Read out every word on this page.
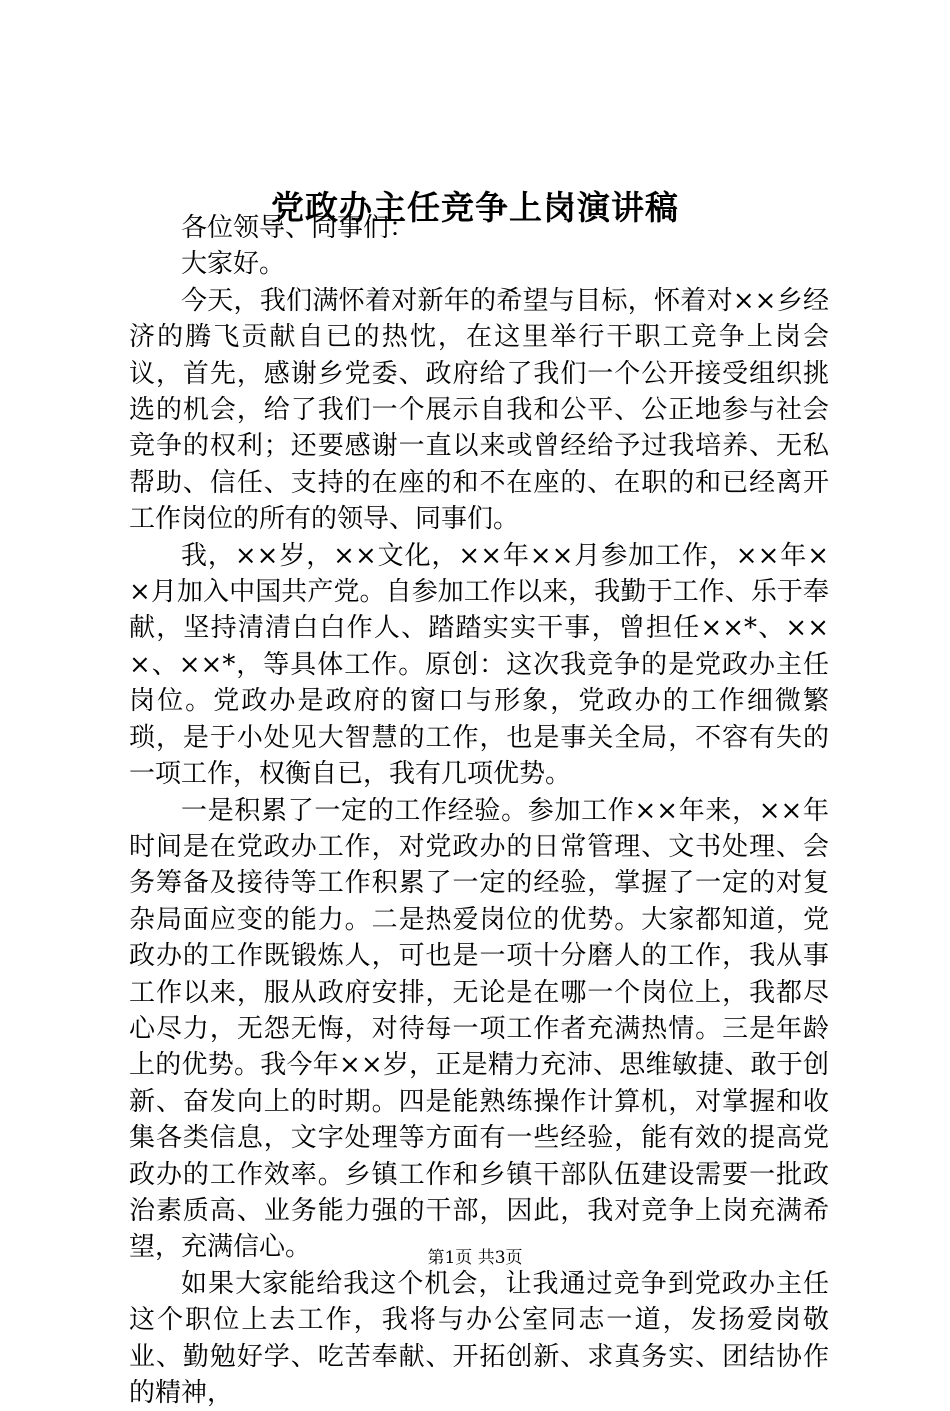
党政办主任竞争上岗演讲稿

各位领导、同事们：

大家好。

今天，我们满怀着对新年的希望与目标，怀着对××乡经济的腾飞贡献自已的热忱，在这里举行干职工竞争上岗会议，首先，感谢乡党委、政府给了我们一个公开接受组织挑选的机会，给了我们一个展示自我和公平、公正地参与社会竞争的权利；还要感谢一直以来或曾经给予过我培养、无私帮助、信任、支持的在座的和不在座的、在职的和已经离开工作岗位的所有的领导、同事们。

我，××岁，××文化，××年××月参加工作，××年××月加入中国共产党。自参加工作以来，我勤于工作、乐于奉献，坚持清清白白作人、踏踏实实干事，曾担任××*、×××、××*，等具体工作。原创：这次我竞争的是党政办主任岗位。党政办是政府的窗口与形象，党政办的工作细微繁琐，是于小处见大智慧的工作，也是事关全局，不容有失的一项工作，权衡自已，我有几项优势。

一是积累了一定的工作经验。参加工作××年来，××年时间是在党政办工作，对党政办的日常管理、文书处理、会务筹备及接待等工作积累了一定的经验，掌握了一定的对复杂局面应变的能力。二是热爱岗位的优势。大家都知道，党政办的工作既锻炼人，可也是一项十分磨人的工作，我从事工作以来，服从政府安排，无论是在哪一个岗位上，我都尽心尽力，无怨无悔，对待每一项工作者充满热情。三是年龄上的优势。我今年××岁，正是精力充沛、思维敏捷、敢于创新、奋发向上的时期。四是能熟练操作计算机，对掌握和收集各类信息，文字处理等方面有一些经验，能有效的提高党政办的工作效率。乡镇工作和乡镇干部队伍建设需要一批政治素质高、业务能力强的干部，因此，我对竞争上岗充满希望，充满信心。

如果大家能给我这个机会，让我通过竞争到党政办主任这个职位上去工作，我将与办公室同志一道，发扬爱岗敬业、勤勉好学、吃苦奉献、开拓创新、求真务实、团结协作的精神，

第1页 共3页
